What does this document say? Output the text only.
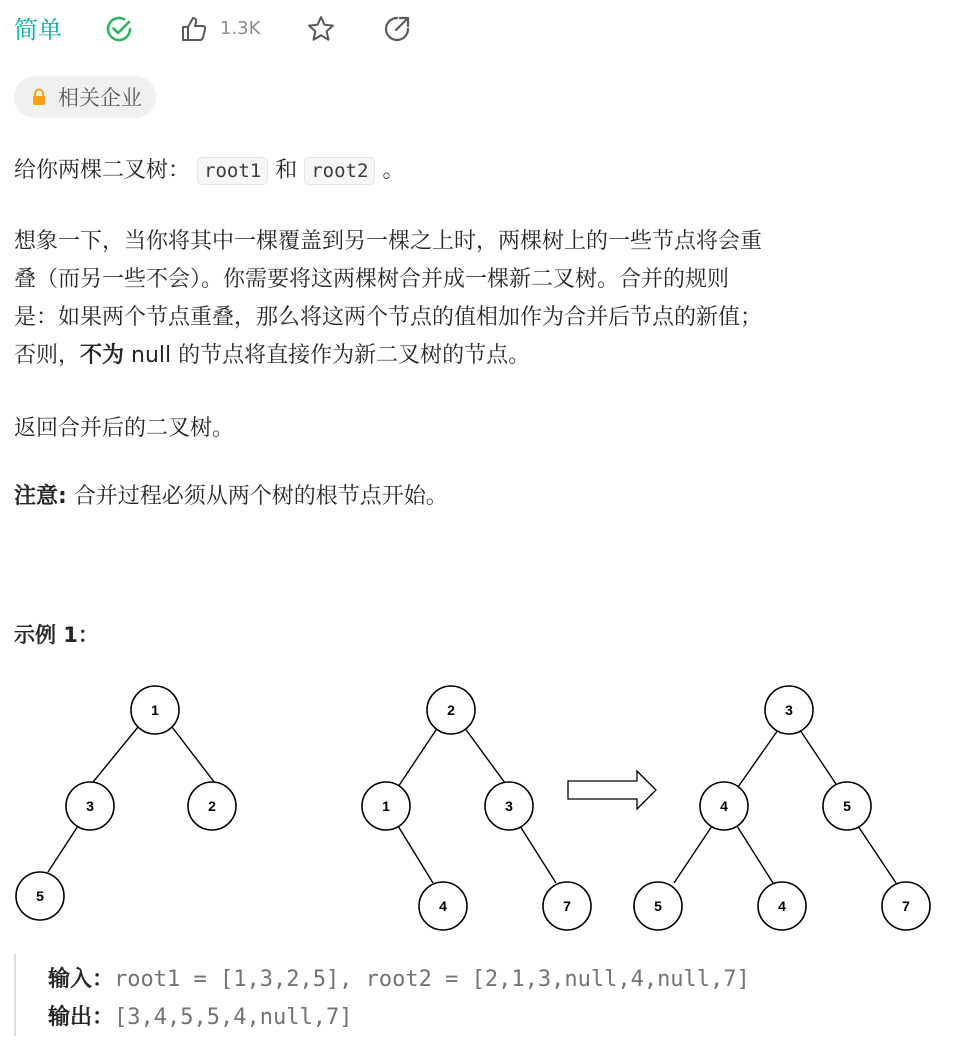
简单	1.3K
相关企业
给你两棵二叉树： root1 和 root2 。
想象一下，当你将其中一棵覆盖到另一棵之上时，两棵树上的一些节点将会重
叠（而另一些不会）。你需要将这两棵树合并成一棵新二叉树。合并的规则
是：如果两个节点重叠，那么将这两个节点的值相加作为合并后节点的新值；
否则，不为 null 的节点将直接作为新二叉树的节点。
返回合并后的二叉树。
注意: 合并过程必须从两个树的根节点开始。
示例 1：
1
3	2
5
2
1	3
4	7
3
4	5
5	4	7
输入：root1 = [1,3,2,5], root2 = [2,1,3,null,4,null,7]
输出：[3,4,5,5,4,null,7]
